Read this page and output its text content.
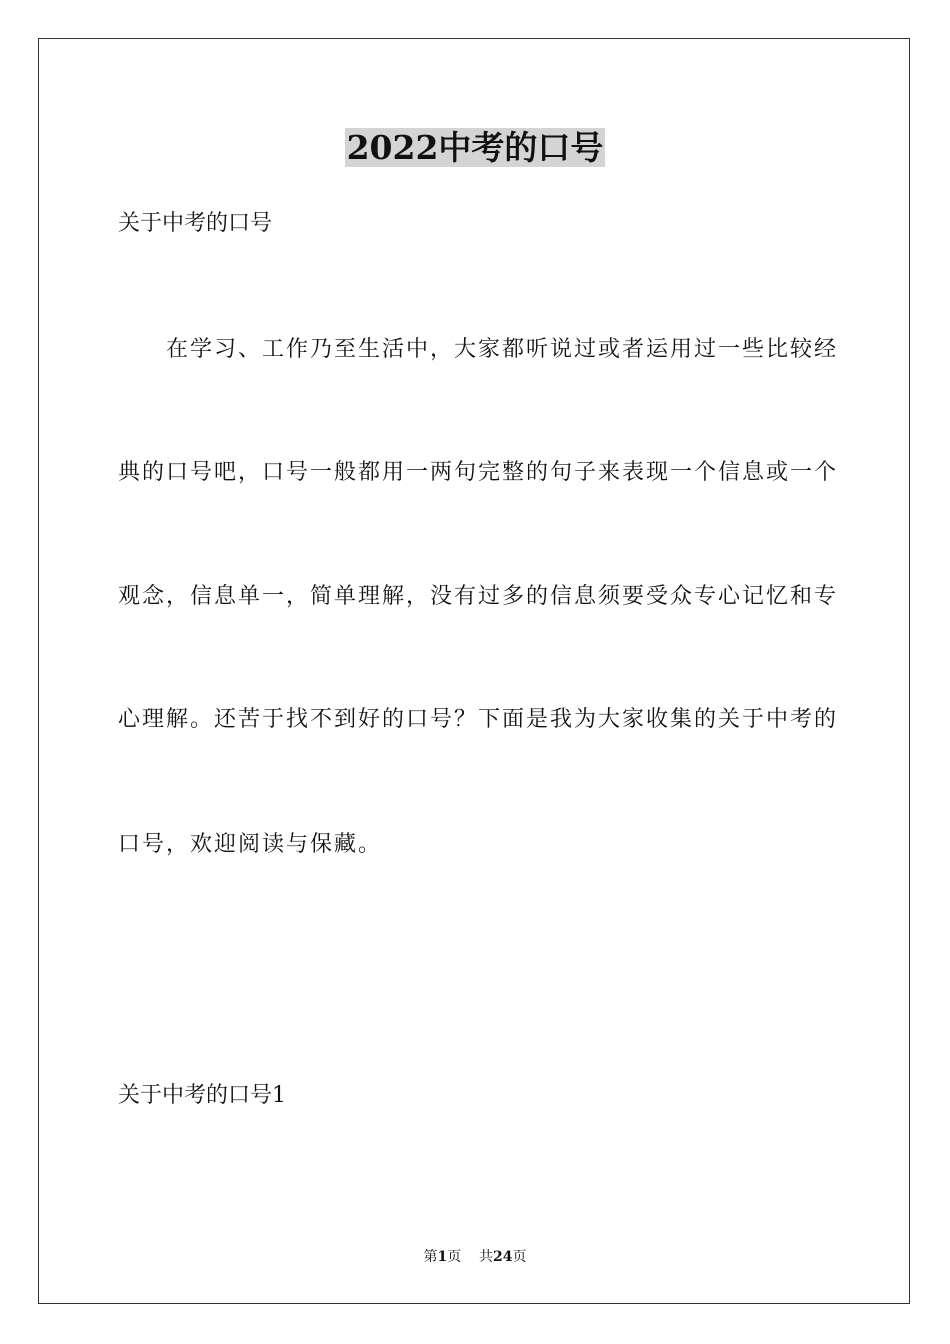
2022中考的口号
关于中考的口号
在学习、工作乃至生活中，大家都听说过或者运用过一些比较经
典的口号吧，口号一般都用一两句完整的句子来表现一个信息或一个
观念，信息单一，简单理解，没有过多的信息须要受众专心记忆和专
心理解。还苦于找不到好的口号？下面是我为大家收集的关于中考的
口号，欢迎阅读与保藏。
关于中考的口号1
第1页 共24页
